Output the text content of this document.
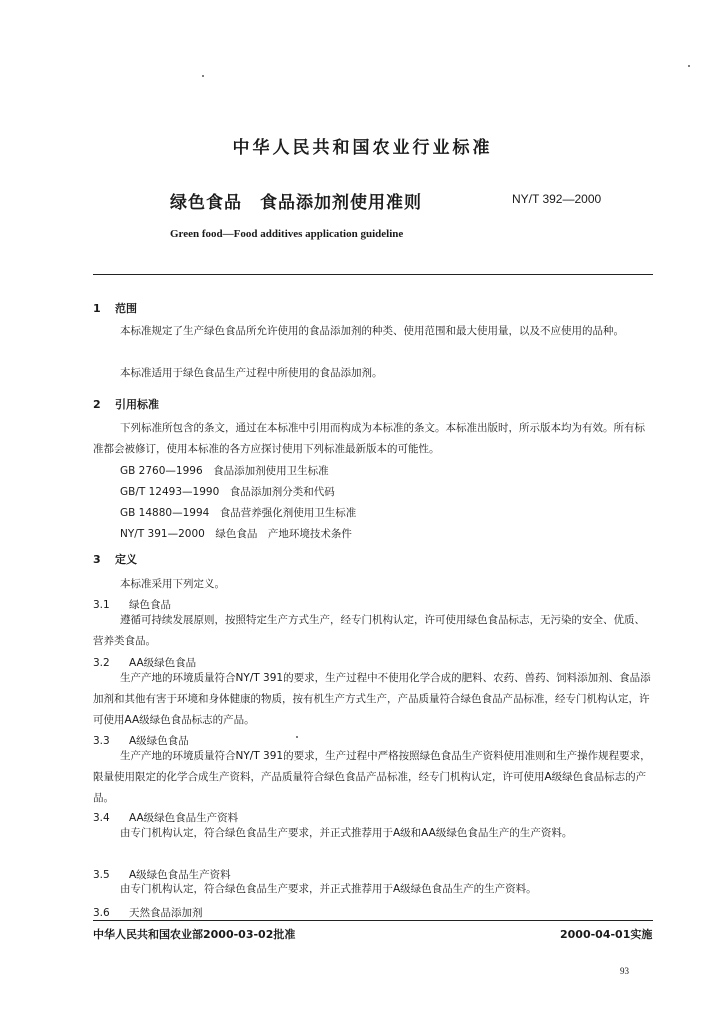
中华人民共和国农业行业标准
绿色食品　食品添加剂使用准则	NY/T 392—2000
Green food—Food additives application guideline
1 范围
本标准规定了生产绿色食品所允许使用的食品添加剂的种类、使用范围和最大使用量，以及不应使用的品种。
本标准适用于绿色食品生产过程中所使用的食品添加剂。
2 引用标准
下列标准所包含的条文，通过在本标准中引用而构成为本标准的条文。本标准出版时，所示版本均为有效。所有标准都会被修订，使用本标准的各方应探讨使用下列标准最新版本的可能性。
GB 2760—1996　食品添加剂使用卫生标准
GB/T 12493—1990　食品添加剂分类和代码
GB 14880—1994　食品营养强化剂使用卫生标准
NY/T 391—2000　绿色食品　产地环境技术条件
3 定义
本标准采用下列定义。
3.1 绿色食品
遵循可持续发展原则，按照特定生产方式生产，经专门机构认定，许可使用绿色食品标志，无污染的安全、优质、营养类食品。
3.2 AA级绿色食品
生产产地的环境质量符合NY/T 391的要求，生产过程中不使用化学合成的肥料、农药、兽药、饲料添加剂、食品添加剂和其他有害于环境和身体健康的物质，按有机生产方式生产，产品质量符合绿色食品产品标准，经专门机构认定，许可使用AA级绿色食品标志的产品。
3.3 A级绿色食品
生产产地的环境质量符合NY/T 391的要求，生产过程中严格按照绿色食品生产资料使用准则和生产操作规程要求，限量使用限定的化学合成生产资料，产品质量符合绿色食品产品标准，经专门机构认定，许可使用A级绿色食品标志的产品。
3.4 AA级绿色食品生产资料
由专门机构认定，符合绿色食品生产要求，并正式推荐用于A级和AA级绿色食品生产的生产资料。
3.5 A级绿色食品生产资料
由专门机构认定，符合绿色食品生产要求，并正式推荐用于A级绿色食品生产的生产资料。
3.6 天然食品添加剂
中华人民共和国农业部2000-03-02批准	2000-04-01实施
93
